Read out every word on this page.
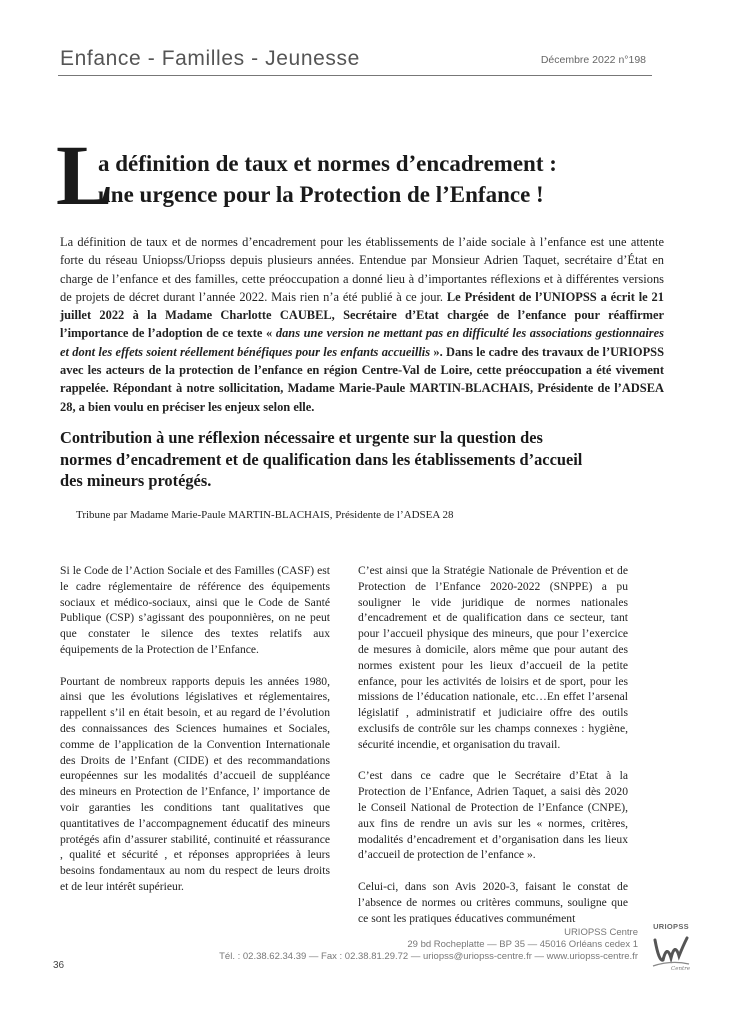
Enfance - Familles - Jeunesse	Décembre 2022 n°198
L
a définition de taux et normes d’encadrement :
une urgence pour la Protection de l’Enfance !

La définition de taux et de normes d’encadrement pour les établissements de l’aide sociale à l’enfance est une attente forte du réseau Uniopss/Uriopss depuis plusieurs années. Entendue par Monsieur Adrien Taquet, secrétaire d’État en charge de l’enfance et des familles, cette préoccupation a donné lieu à d’importantes réflexions et à différentes versions de projets de décret durant l’année 2022. Mais rien n’a été publié à ce jour. Le Président de l’UNIOPSS a écrit le 21 juillet 2022 à la Madame Charlotte CAUBEL, Secrétaire d’Etat chargée de l’enfance pour réaffirmer l’importance de l’adoption de ce texte « dans une version ne mettant pas en difficulté les associations gestionnaires et dont les effets soient réellement bénéfiques pour les enfants accueillis ». Dans le cadre des travaux de l’URIOPSS avec les acteurs de la protection de l’enfance en région Centre-Val de Loire, cette préoccupation a été vivement rappelée. Répondant à notre sollicitation, Madame Marie-Paule MARTIN-BLACHAIS, Présidente de l’ADSEA 28, a bien voulu en préciser les enjeux selon elle.

Contribution à une réflexion nécessaire et urgente sur la question des
normes d’encadrement et de qualification dans les établissements d’accueil
des mineurs protégés.
Tribune par Madame Marie-Paule MARTIN-BLACHAIS, Présidente de l’ADSEA 28

Si le Code de l’Action Sociale et des Familles (CASF) est le cadre réglementaire de référence des équipements sociaux et médico-sociaux, ainsi que le Code de Santé Publique (CSP) s’agissant des pouponnières, on ne peut que constater le silence des textes relatifs aux équipements de la Protection de l’Enfance.

Pourtant de nombreux rapports depuis les années 1980, ainsi que les évolutions législatives et réglementaires, rappellent s’il en était besoin, et au regard de l’évolution des connaissances des Sciences humaines et Sociales, comme de l’application de la Convention Internationale des Droits de l’Enfant (CIDE) et des recommandations européennes sur les modalités d’accueil de suppléance des mineurs en Protection de l’Enfance, l’ importance de voir garanties les conditions tant qualitatives que quantitatives de l’accompagnement éducatif des mineurs protégés afin d’assurer stabilité, continuité et réassurance , qualité et sécurité , et réponses appropriées à leurs besoins fondamentaux au nom du respect de leurs droits et de leur intérêt supérieur.

C’est ainsi que la Stratégie Nationale de Prévention et de Protection de l’Enfance 2020-2022 (SNPPE) a pu souligner le vide juridique de normes nationales d’encadrement et de qualification dans ce secteur, tant pour l’accueil physique des mineurs, que pour l’exercice de mesures à domicile, alors même que pour autant des normes existent pour les lieux d’accueil de la petite enfance, pour les activités de loisirs et de sport, pour les missions de l’éducation nationale, etc…En effet l’arsenal législatif , administratif et judiciaire offre des outils exclusifs de contrôle sur les champs connexes : hygiène, sécurité incendie, et organisation du travail.

C’est dans ce cadre que le Secrétaire d’Etat à la Protection de l’Enfance, Adrien Taquet, a saisi dès 2020 le Conseil National de Protection de l’Enfance (CNPE), aux fins de rendre un avis sur les « normes, critères, modalités d’encadrement et d’organisation dans les lieux d’accueil de protection de l’enfance ».

Celui-ci, dans son Avis 2020-3, faisant le constat de l’absence de normes ou critères communs, souligne que ce sont les pratiques éducatives communément

URIOPSS Centre
29 bd Rocheplatte — BP 35 — 45016 Orléans cedex 1
Tél. : 02.38.62.34.39 — Fax : 02.38.81.29.72 — uriopss@uriopss-centre.fr — www.uriopss-centre.fr
36
URIOPSS
Centre
